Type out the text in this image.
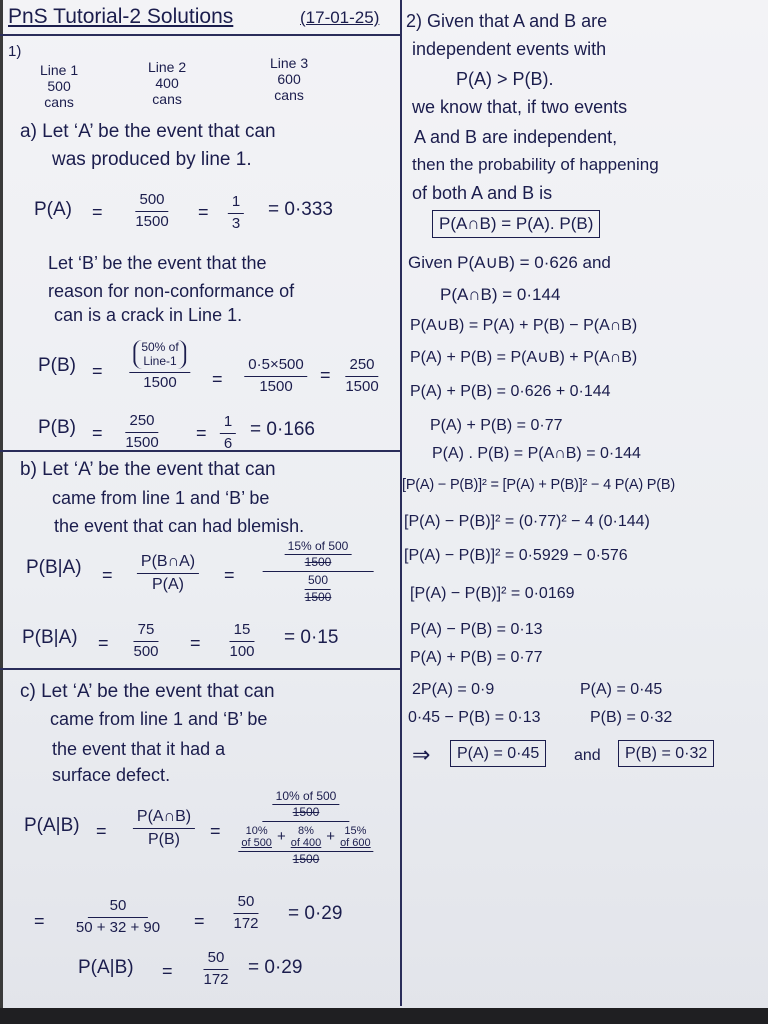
PnS Tutorial-2 Solutions	(17-01-25)
1)
Line 1
500
cans
Line 2
400
cans
Line 3
600
cans
a) Let ‘A’ be the event that can
was produced by line 1.
$P(A) = \frac{500}{1500} = \frac{1}{3} = 0\cdot 333$
Let ‘B’ be the event that the
reason for non-conformance of
can is a crack in Line 1.
P(B) =
50% of
Line-1
$1500 = \frac{0\cdot 5\times 500}{1500} = \frac{250}{1500}$
$P(B) = \frac{250}{1500} = \frac{1}{6} = 0\cdot 166$
b) Let ‘A’ be the event that can
came from line 1 and ‘B’ be
the event that can had blemish.
$P(B|A) = \frac{P(B\cap A)}{P(A)} = \frac{\frac{15\% of 500}{1500}}{\frac{500}{1500}}$
$P(B|A) = \frac{75}{500} = \frac{15}{100} = 0\cdot 15$
c) Let ‘A’ be the event that can
came from line 1 and ‘B’ be
the event that it had a
surface defect.
$P(A|B) = \frac{P(A\cap B)}{P(B)}$ =
$\frac{10\% of 500}{1500}$
10%
of 500 + 8%
of 400 + 15%
of 600
1500
= $\frac{50}{50 + 32 + 90} = \frac{50}{172} = 0\cdot 29$
$P(A|B) = \frac{50}{172} = 0\cdot 29$
2) Given that A and B are
independent events with
P(A) > P(B).
we know that, if two events
A and B are independent,
then the probability of happening
of both A and B is
P(A∩B) = P(A). P(B)
Given P(A∪B) = 0·626 and
P(A∩B) = 0·144
P(A∪B) = P(A) + P(B) − P(A∩B)
P(A) + P(B) = P(A∪B) + P(A∩B)
P(A) + P(B) = 0·626 + 0·144
P(A) + P(B) = 0·77
P(A) . P(B) = P(A∩B) = 0·144
[P(A) − P(B)]² = [P(A) + P(B)]² − 4 P(A) P(B)
[P(A) − P(B)]² = (0·77)² − 4 (0·144)
[P(A) − P(B)]² = 0·5929 − 0·576
[P(A) − P(B)]² = 0·0169
P(A) − P(B) = 0·13
P(A) + P(B) = 0·77
2P(A) = 0·9	P(A) = 0·45
0·45 − P(B) = 0·13	P(B) = 0·32
⇒	P(A) = 0·45	and	P(B) = 0·32
